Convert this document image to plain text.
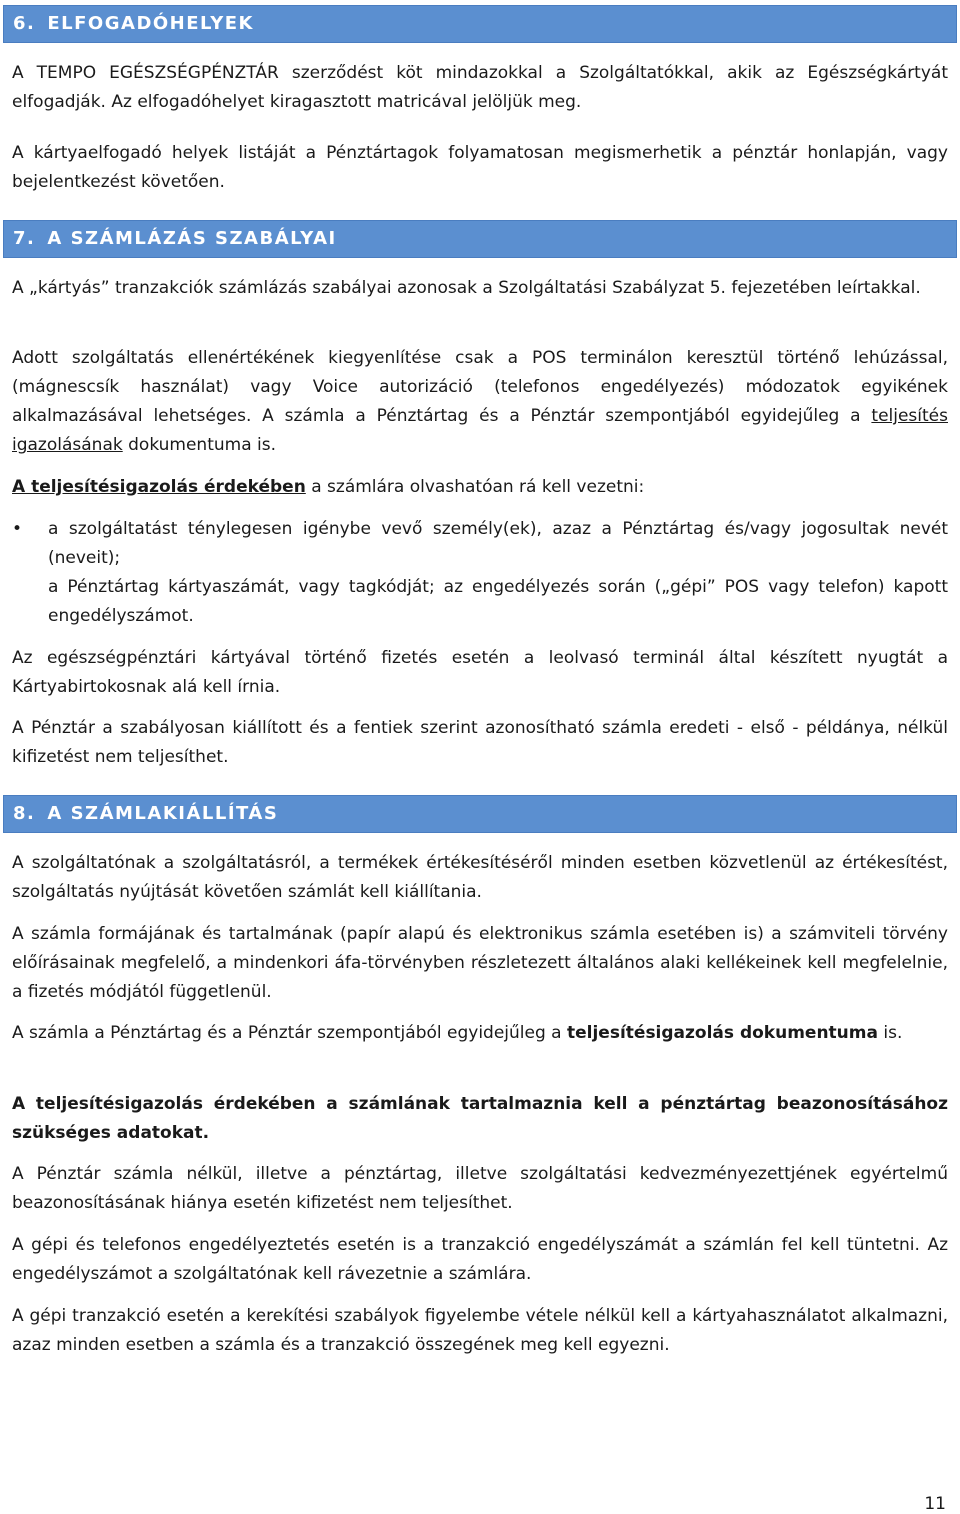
6. ELFOGADÓHELYEK

A TEMPO EGÉSZSÉGPÉNZTÁR szerződést köt mindazokkal a Szolgáltatókkal, akik az Egészségkártyát elfogadják. Az elfogadóhelyet kiragasztott matricával jelöljük meg.

A kártyaelfogadó helyek listáját a Pénztártagok folyamatosan megismerhetik a pénztár honlapján, vagy bejelentkezést követően.

7. A SZÁMLÁZÁS SZABÁLYAI

A „kártyás” tranzakciók számlázás szabályai azonosak a Szolgáltatási Szabályzat 5. fejezetében leírtakkal.

Adott szolgáltatás ellenértékének kiegyenlítése csak a POS terminálon keresztül történő lehúzással, (mágnescsík használat) vagy Voice autorizáció (telefonos engedélyezés) módozatok egyikének alkalmazásával lehetséges. A számla a Pénztártag és a Pénztár szempontjából egyidejűleg a teljesítés igazolásának dokumentuma is.

A teljesítésigazolás érdekében a számlára olvashatóan rá kell vezetni:

• a szolgáltatást ténylegesen igénybe vevő személy(ek), azaz a Pénztártag és/vagy jogosultak nevét (neveit);
a Pénztártag kártyaszámát, vagy tagkódját; az engedélyezés során („gépi” POS vagy telefon) kapott engedélyszámot.

Az egészségpénztári kártyával történő fizetés esetén a leolvasó terminál által készített nyugtát a Kártyabirtokosnak alá kell írnia.

A Pénztár a szabályosan kiállított és a fentiek szerint azonosítható számla eredeti - első - példánya, nélkül kifizetést nem teljesíthet.

8. A SZÁMLAKIÁLLÍTÁS

A szolgáltatónak a szolgáltatásról, a termékek értékesítéséről minden esetben közvetlenül az értékesítést, szolgáltatás nyújtását követően számlát kell kiállítania.

A számla formájának és tartalmának (papír alapú és elektronikus számla esetében is) a számviteli törvény előírásainak megfelelő, a mindenkori áfa-törvényben részletezett általános alaki kellékeinek kell megfelelnie, a fizetés módjától függetlenül.

A számla a Pénztártag és a Pénztár szempontjából egyidejűleg a teljesítésigazolás dokumentuma is.

A teljesítésigazolás érdekében a számlának tartalmaznia kell a pénztártag beazonosításához szükséges adatokat.

A Pénztár számla nélkül, illetve a pénztártag, illetve szolgáltatási kedvezményezettjének egyértelmű beazonosításának hiánya esetén kifizetést nem teljesíthet.

A gépi és telefonos engedélyeztetés esetén is a tranzakció engedélyszámát a számlán fel kell tüntetni. Az engedélyszámot a szolgáltatónak kell rávezetnie a számlára.

A gépi tranzakció esetén a kerekítési szabályok figyelembe vétele nélkül kell a kártyahasználatot alkalmazni, azaz minden esetben a számla és a tranzakció összegének meg kell egyezni.

11
